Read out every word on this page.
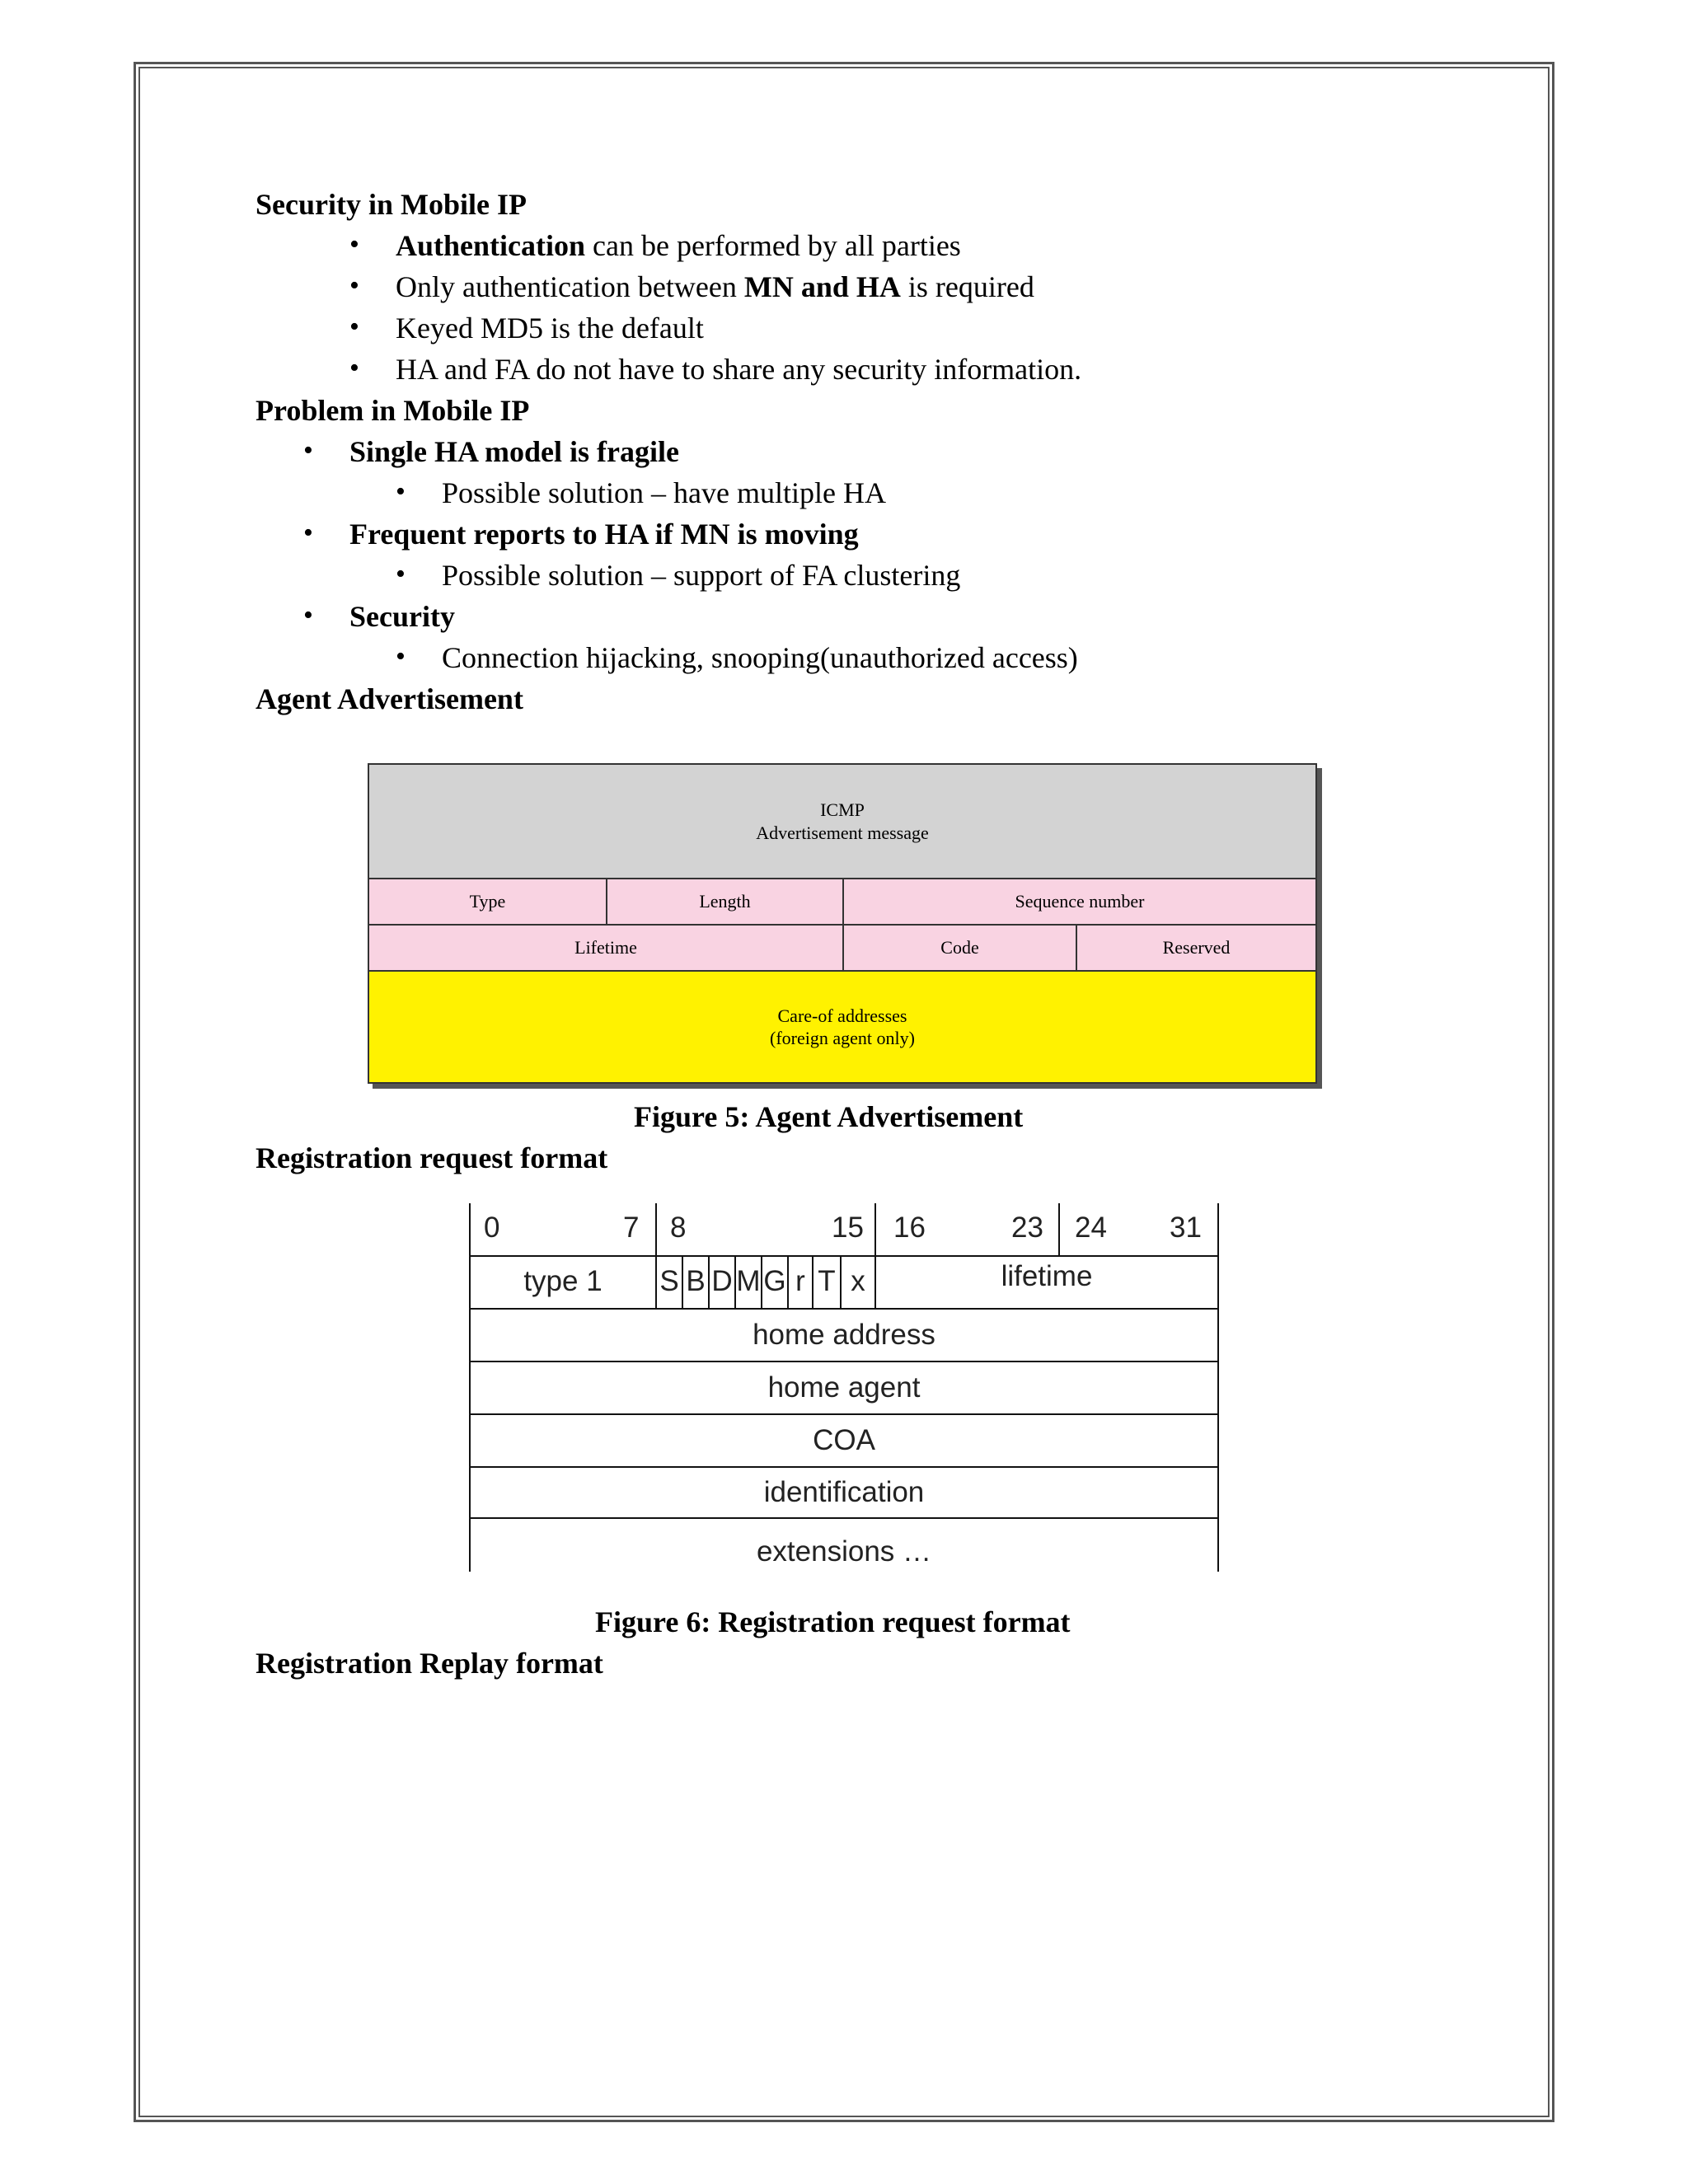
Security in Mobile IP
• Authentication can be performed by all parties
• Only authentication between MN and HA is required
• Keyed MD5 is the default
• HA and FA do not have to share any security information.
Problem in Mobile IP
• Single HA model is fragile
• Possible solution – have multiple HA
• Frequent reports to HA if MN is moving
• Possible solution – support of FA clustering
• Security
• Connection hijacking, snooping(unauthorized access)
Agent Advertisement
ICMP
Advertisement message
Type	Length	Sequence number
Lifetime	Code	Reserved
Care-of addresses
(foreign agent only)
Figure 5: Agent Advertisement
Registration request format
0	7 8	15 16	23 24 31
type 1	S B D M G r T x	lifetime
home address
home agent
COA
identification
extensions …
Figure 6: Registration request format
Registration Replay format
